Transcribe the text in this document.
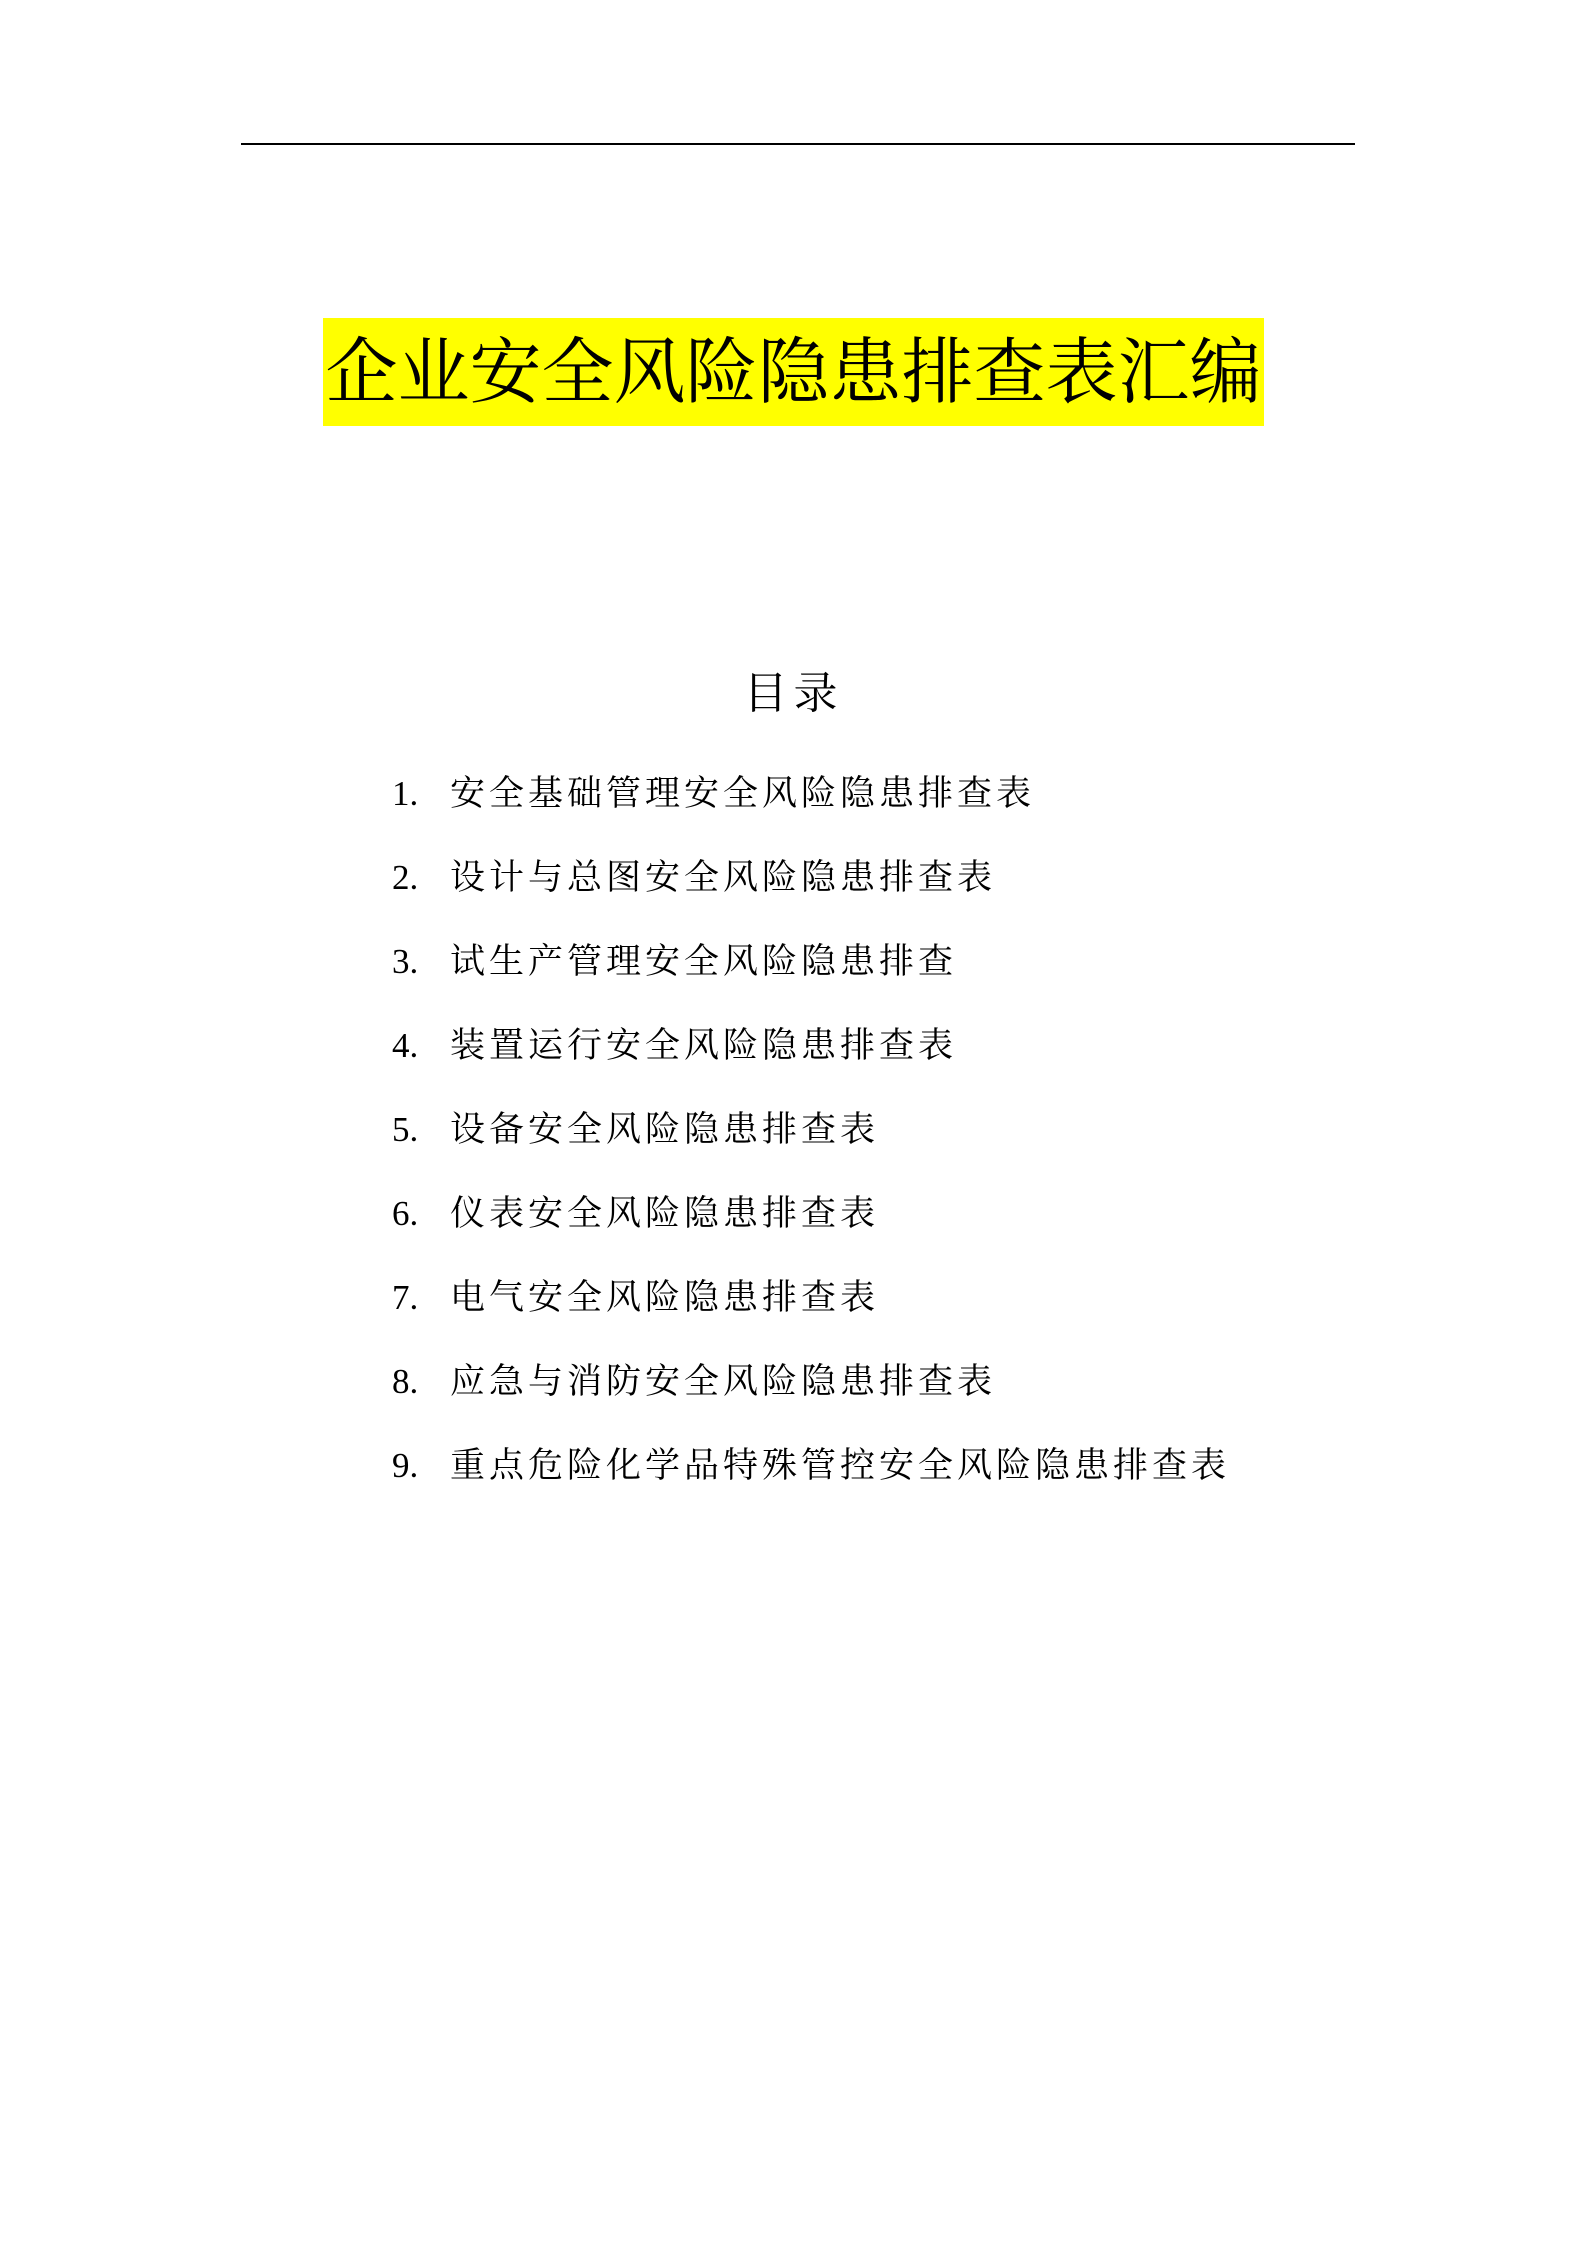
企业安全风险隐患排查表汇编
目录
1. 安全基础管理安全风险隐患排查表
2. 设计与总图安全风险隐患排查表
3. 试生产管理安全风险隐患排查
4. 装置运行安全风险隐患排查表
5. 设备安全风险隐患排查表
6. 仪表安全风险隐患排查表
7. 电气安全风险隐患排查表
8. 应急与消防安全风险隐患排查表
9. 重点危险化学品特殊管控安全风险隐患排查表
